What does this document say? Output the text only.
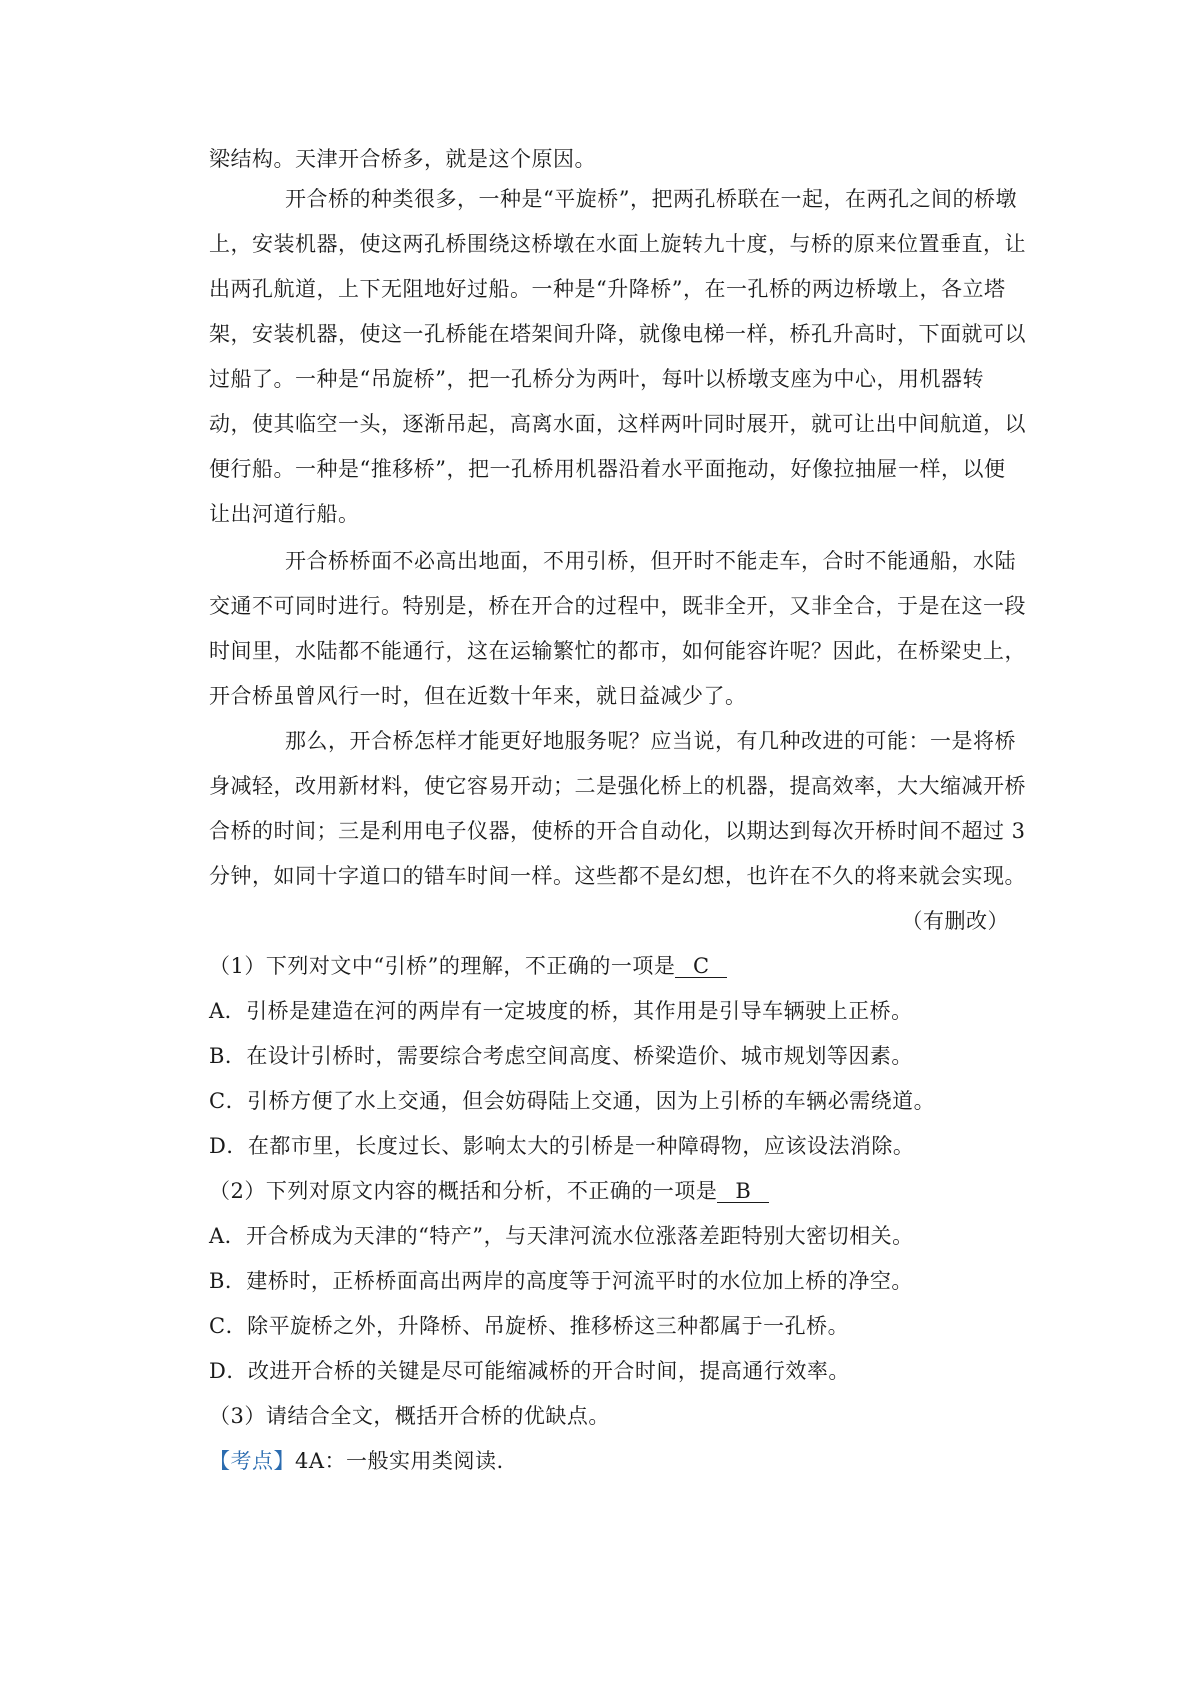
梁结构。天津开合桥多，就是这个原因。
开合桥的种类很多，一种是“平旋桥”，把两孔桥联在一起，在两孔之间的桥墩
上，安装机器，使这两孔桥围绕这桥墩在水面上旋转九十度，与桥的原来位置垂直，让
出两孔航道，上下无阻地好过船。一种是“升降桥”，在一孔桥的两边桥墩上，各立塔
架，安装机器，使这一孔桥能在塔架间升降，就像电梯一样，桥孔升高时，下面就可以
过船了。一种是“吊旋桥”，把一孔桥分为两叶，每叶以桥墩支座为中心，用机器转
动，使其临空一头，逐渐吊起，高离水面，这样两叶同时展开，就可让出中间航道，以
便行船。一种是“推移桥”，把一孔桥用机器沿着水平面拖动，好像拉抽屉一样，以便
让出河道行船。
开合桥桥面不必高出地面，不用引桥，但开时不能走车，合时不能通船，水陆
交通不可同时进行。特别是，桥在开合的过程中，既非全开，又非全合，于是在这一段
时间里，水陆都不能通行，这在运输繁忙的都市，如何能容许呢？因此，在桥梁史上，
开合桥虽曾风行一时，但在近数十年来，就日益减少了。
那么，开合桥怎样才能更好地服务呢？应当说，有几种改进的可能：一是将桥
身减轻，改用新材料，使它容易开动；二是强化桥上的机器，提高效率，大大缩减开桥
合桥的时间；三是利用电子仪器，使桥的开合自动化，以期达到每次开桥时间不超过 3
分钟，如同十字道口的错车时间一样。这些都不是幻想，也许在不久的将来就会实现。
（有删改）
（1）下列对文中“引桥”的理解，不正确的一项是 C
A．引桥是建造在河的两岸有一定坡度的桥，其作用是引导车辆驶上正桥。
B．在设计引桥时，需要综合考虑空间高度、桥梁造价、城市规划等因素。
C．引桥方便了水上交通，但会妨碍陆上交通，因为上引桥的车辆必需绕道。
D．在都市里，长度过长、影响太大的引桥是一种障碍物，应该设法消除。
（2）下列对原文内容的概括和分析，不正确的一项是 B
A．开合桥成为天津的“特产”，与天津河流水位涨落差距特别大密切相关。
B．建桥时，正桥桥面高出两岸的高度等于河流平时的水位加上桥的净空。
C．除平旋桥之外，升降桥、吊旋桥、推移桥这三种都属于一孔桥。
D．改进开合桥的关键是尽可能缩减桥的开合时间，提高通行效率。
（3）请结合全文，概括开合桥的优缺点。
【考点】4A：一般实用类阅读.
